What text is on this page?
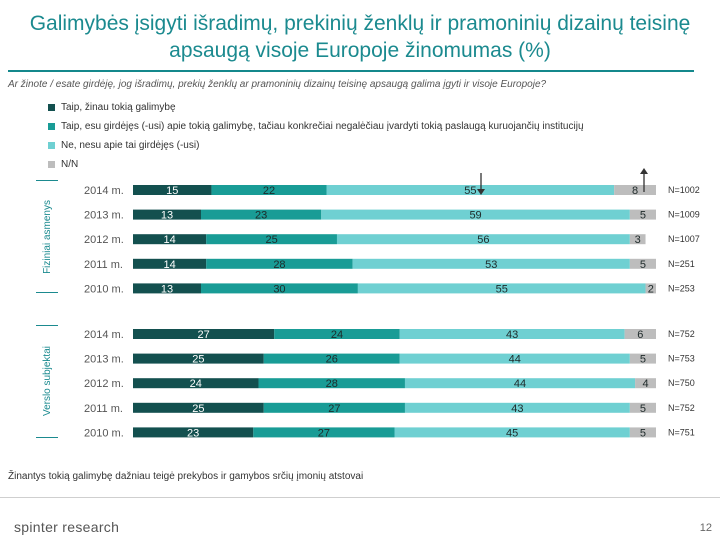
Galimybės įsigyti išradimų, prekinių ženklų ir pramoninių dizainų teisinę apsaugą visoje Europoje žinomumas (%)
Ar žinote / esate girdėję, jog išradimų, prekių ženklų ar pramoninių dizainų teisinę apsaugą galima įgyti ir visoje Europoje?
Taip, žinau tokią galimybę
Taip, esu girdėjęs (-usi) apie tokią galimybę, tačiau konkrečiai negalėčiau įvardyti tokią paslaugą kuruojančių institucijų
Ne, nesu apie tai girdėjęs (-usi)
N/N
Fiziniai asmenys
Verslo subjektai
2014 m.	15	22	55	8	N=1002
2013 m.	13	23	59	5 N=1009
2012 m.	14	25	56	3	N=1007
2011 m.	14	28	53	5 N=251
2010 m.	13	30	55	2 N=253
2014 m.	27	24	43	6	N=752
2013 m.	25	26	44	5 N=753
2012 m.	24	28	44	4 N=750
2011 m.	25	27	43	5 N=752
2010 m.	23	27	45	5 N=751
Žinantys tokią galimybę dažniau teigė prekybos ir gamybos srčių įmonių atstovai
spinter research	12
